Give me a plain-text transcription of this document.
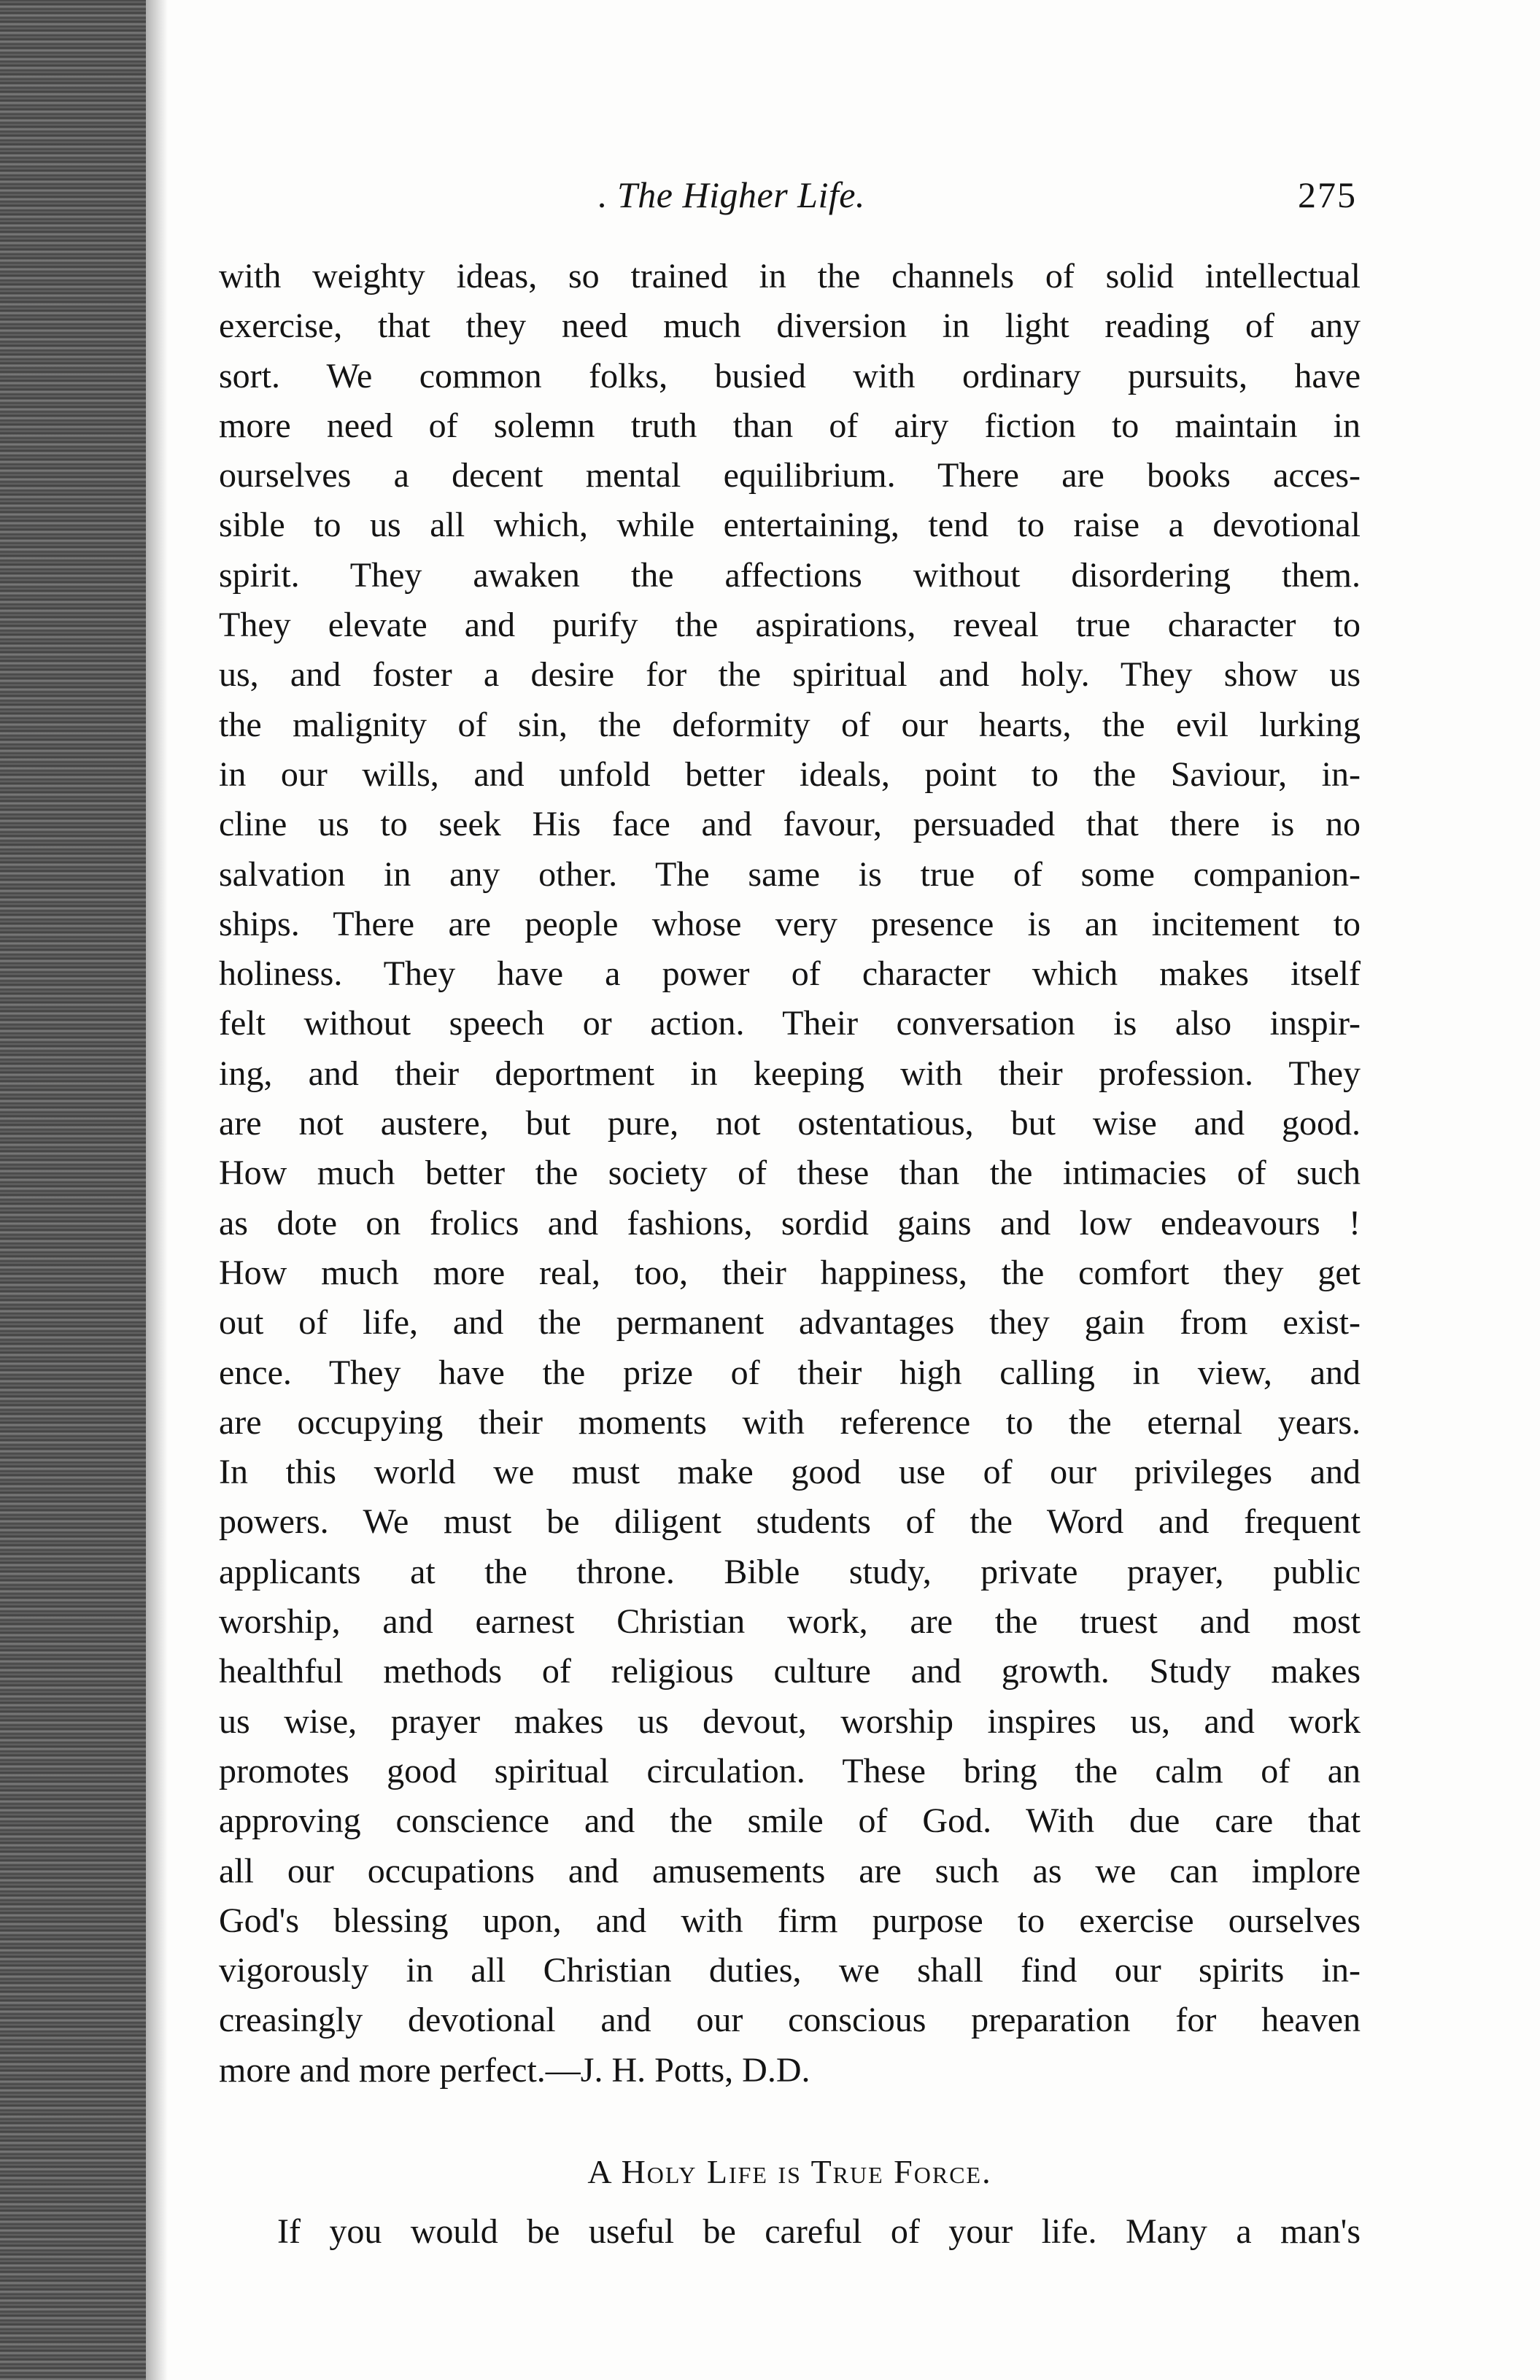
. The Higher Life.	275
with weighty ideas, so trained in the channels of solid intellectual
exercise, that they need much diversion in light reading of any
sort. We common folks, busied with ordinary pursuits, have
more need of solemn truth than of airy fiction to maintain in
ourselves a decent mental equilibrium. There are books acces-
sible to us all which, while entertaining, tend to raise a devotional
spirit. They awaken the affections without disordering them.
They elevate and purify the aspirations, reveal true character to
us, and foster a desire for the spiritual and holy. They show us
the malignity of sin, the deformity of our hearts, the evil lurking
in our wills, and unfold better ideals, point to the Saviour, in-
cline us to seek His face and favour, persuaded that there is no
salvation in any other. The same is true of some companion-
ships. There are people whose very presence is an incitement to
holiness. They have a power of character which makes itself
felt without speech or action. Their conversation is also inspir-
ing, and their deportment in keeping with their profession. They
are not austere, but pure, not ostentatious, but wise and good.
How much better the society of these than the intimacies of such
as dote on frolics and fashions, sordid gains and low endeavours !
How much more real, too, their happiness, the comfort they get
out of life, and the permanent advantages they gain from exist-
ence. They have the prize of their high calling in view, and
are occupying their moments with reference to the eternal years.
In this world we must make good use of our privileges and
powers. We must be diligent students of the Word and frequent
applicants at the throne. Bible study, private prayer, public
worship, and earnest Christian work, are the truest and most
healthful methods of religious culture and growth. Study makes
us wise, prayer makes us devout, worship inspires us, and work
promotes good spiritual circulation. These bring the calm of an
approving conscience and the smile of God. With due care that
all our occupations and amusements are such as we can implore
God's blessing upon, and with firm purpose to exercise ourselves
vigorously in all Christian duties, we shall find our spirits in-
creasingly devotional and our conscious preparation for heaven
more and more perfect.—J. H. Potts, D.D.
A Holy Life is True Force.
If you would be useful be careful of your life. Many a man's
